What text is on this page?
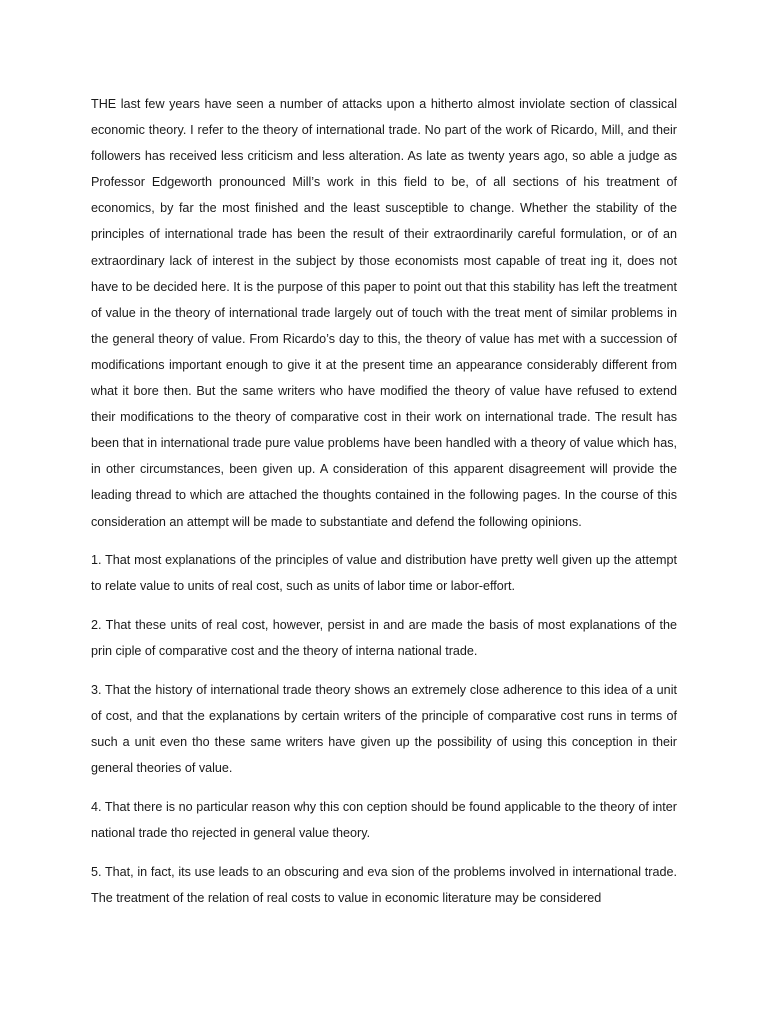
THE last few years have seen a number of attacks upon a hitherto almost inviolate section of classical economic theory. I refer to the theory of international trade. No part of the work of Ricardo, Mill, and their followers has received less criticism and less alteration. As late as twenty years ago, so able a judge as Professor Edgeworth pronounced Mill’s work in this field to be, of all sections of his treatment of economics, by far the most finished and the least susceptible to change. Whether the stability of the principles of international trade has been the result of their extraordinarily careful formulation, or of an extraordinary lack of interest in the subject by those economists most capable of treat ing it, does not have to be decided here. It is the purpose of this paper to point out that this stability has left the treatment of value in the theory of international trade largely out of touch with the treat ment of similar problems in the general theory of value. From Ricardo’s day to this, the theory of value has met with a succession of modifications important enough to give it at the present time an appearance considerably different from what it bore then. But the same writers who have modified the theory of value have refused to extend their modifications to the theory of comparative cost in their work on international trade. The result has been that in international trade pure value problems have been handled with a theory of value which has, in other circumstances, been given up. A consideration of this apparent disagreement will provide the leading thread to which are attached the thoughts contained in the following pages. In the course of this consideration an attempt will be made to substantiate and defend the following opinions.

1. That most explanations of the principles of value and distribution have pretty well given up the attempt to relate value to units of real cost, such as units of labor time or labor-effort.

2. That these units of real cost, however, persist in and are made the basis of most explanations of the prin ciple of comparative cost and the theory of interna national trade.

3. That the history of international trade theory shows an extremely close adherence to this idea of a unit of cost, and that the explanations by certain writers of the principle of comparative cost runs in terms of such a unit even tho these same writers have given up the possibility of using this conception in their general theories of value.

4. That there is no particular reason why this con ception should be found applicable to the theory of inter national trade tho rejected in general value theory.

5. That, in fact, its use leads to an obscuring and eva sion of the problems involved in international trade. The treatment of the relation of real costs to value in economic literature may be considered
